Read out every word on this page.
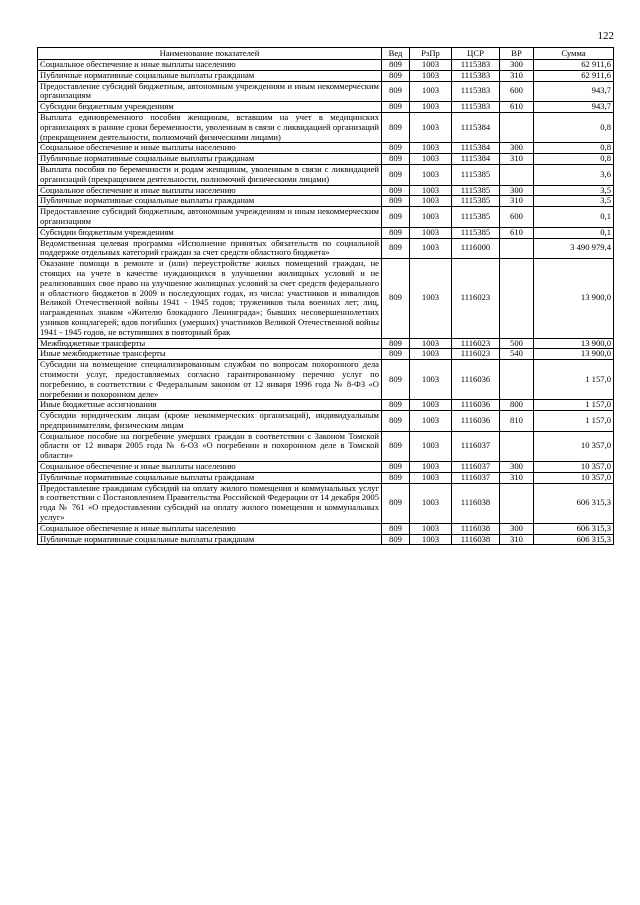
122
Наименование показателей	Вед	РзПр	ЦСР	ВР	Сумма
Социальное обеспечение и иные выплаты населению	809	1003	1115383	300	62 911,6
Публичные нормативные социальные выплаты гражданам	809	1003	1115383	310	62 911,6
Предоставление субсидий бюджетным, автономным учреждениям и иным некоммерческим организациям	809	1003	1115383	600	943,7
Субсидии бюджетным учреждениям	809	1003	1115383	610	943,7
Выплата единовременного пособия женщинам, вставшим на учет в медицинских организациях в ранние сроки беременности, уволенным в связи с ликвидацией организаций (прекращением деятельности, полномочий физическими лицами)	809	1003	1115384		0,8
Социальное обеспечение и иные выплаты населению	809	1003	1115384	300	0,8
Публичные нормативные социальные выплаты гражданам	809	1003	1115384	310	0,8
Выплата пособия по беременности и родам женщинам, уволенным в связи с ликвидацией организаций (прекращением деятельности, полномочий физическими лицами)	809	1003	1115385		3,6
Социальное обеспечение и иные выплаты населению	809	1003	1115385	300	3,5
Публичные нормативные социальные выплаты гражданам	809	1003	1115385	310	3,5
Предоставление субсидий бюджетным, автономным учреждениям и иным некоммерческим организациям	809	1003	1115385	600	0,1
Субсидии бюджетным учреждениям	809	1003	1115385	610	0,1
Ведомственная целевая программа «Исполнение принятых обязательств по социальной поддержке отдельных категорий граждан за счет средств областного бюджета»	809	1003	1116000		3 490 979,4
Оказание помощи в ремонте и (или) переустройстве жилых помещений граждан, не стоящих на учете в качестве нуждающихся в улучшении жилищных условий и не реализовавших свое право на улучшение жилищных условий за счет средств федерального и областного бюджетов в 2009 и последующих годах, из числа: участников и инвалидов Великой Отечественной войны 1941 - 1945 годов; тружеников тыла военных лет; лиц, награжденных знаком «Жителю блокадного Ленинграда»; бывших несовершеннолетних узников концлагерей; вдов погибших (умерших) участников Великой Отечественной войны 1941 - 1945 годов, не вступивших в повторный брак	809	1003	1116023		13 900,0
Межбюджетные трансферты	809	1003	1116023	500	13 900,0
Иные межбюджетные трансферты	809	1003	1116023	540	13 900,0
Субсидии на возмещение специализированным службам по вопросам похоронного дела стоимости услуг, предоставляемых согласно гарантированному перечню услуг по погребению, в соответствии с Федеральным законом от 12 января 1996 года № 8-ФЗ «О погребении и похоронном деле»	809	1003	1116036		1 157,0
Иные бюджетные ассигнования	809	1003	1116036	800	1 157,0
Субсидии юридическим лицам (кроме некоммерческих организаций), индивидуальным предпринимателям, физическим лицам	809	1003	1116036	810	1 157,0
Социальное пособие на погребение умерших граждан в соответствии с Законом Томской области от 12 января 2005 года № 6-ОЗ «О погребении и похоронном деле в Томской области»	809	1003	1116037		10 357,0
Социальное обеспечение и иные выплаты населению	809	1003	1116037	300	10 357,0
Публичные нормативные социальные выплаты гражданам	809	1003	1116037	310	10 357,0
Предоставление гражданам субсидий на оплату жилого помещения и коммунальных услуг в соответствии с Постановлением Правительства Российской Федерации от 14 декабря 2005 года № 761 «О предоставлении субсидий на оплату жилого помещения и коммунальных услуг»	809	1003	1116038		606 315,3
Социальное обеспечение и иные выплаты населению	809	1003	1116038	300	606 315,3
Публичные нормативные социальные выплаты гражданам	809	1003	1116038	310	606 315,3
